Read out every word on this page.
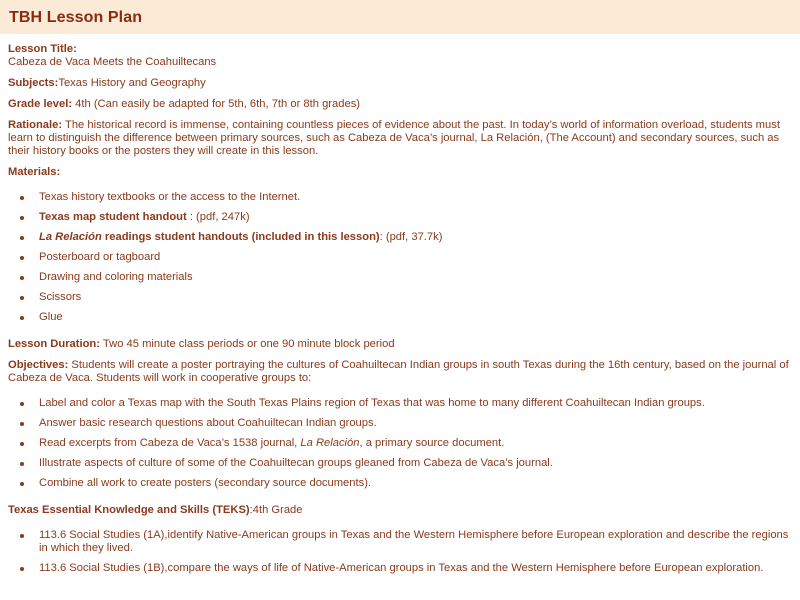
TBH Lesson Plan
Lesson Title:
Cabeza de Vaca Meets the Coahuiltecans
Subjects:Texas History and Geography
Grade level: 4th (Can easily be adapted for 5th, 6th, 7th or 8th grades)
Rationale: The historical record is immense, containing countless pieces of evidence about the past. In today’s world of information overload, students must learn to distinguish the difference between primary sources, such as Cabeza de Vaca’s journal, La Relación, (The Account) and secondary sources, such as their history books or the posters they will create in this lesson.
Materials:
Texas history textbooks or the access to the Internet.
Texas map student handout : (pdf, 247k)
La Relación readings student handouts (included in this lesson): (pdf, 37.7k)
Posterboard or tagboard
Drawing and coloring materials
Scissors
Glue
Lesson Duration: Two 45 minute class periods or one 90 minute block period
Objectives: Students will create a poster portraying the cultures of Coahuiltecan Indian groups in south Texas during the 16th century, based on the journal of Cabeza de Vaca. Students will work in cooperative groups to:
Label and color a Texas map with the South Texas Plains region of Texas that was home to many different Coahuiltecan Indian groups.
Answer basic research questions about Coahuiltecan Indian groups.
Read excerpts from Cabeza de Vaca’s 1538 journal, La Relación, a primary source document.
Illustrate aspects of culture of some of the Coahuiltecan groups gleaned from Cabeza de Vaca’s journal.
Combine all work to create posters (secondary source documents).
Texas Essential Knowledge and Skills (TEKS):4th Grade
113.6 Social Studies (1A),identify Native-American groups in Texas and the Western Hemisphere before European exploration and describe the regions in which they lived.
113.6 Social Studies (1B),compare the ways of life of Native-American groups in Texas and the Western Hemisphere before European exploration.
